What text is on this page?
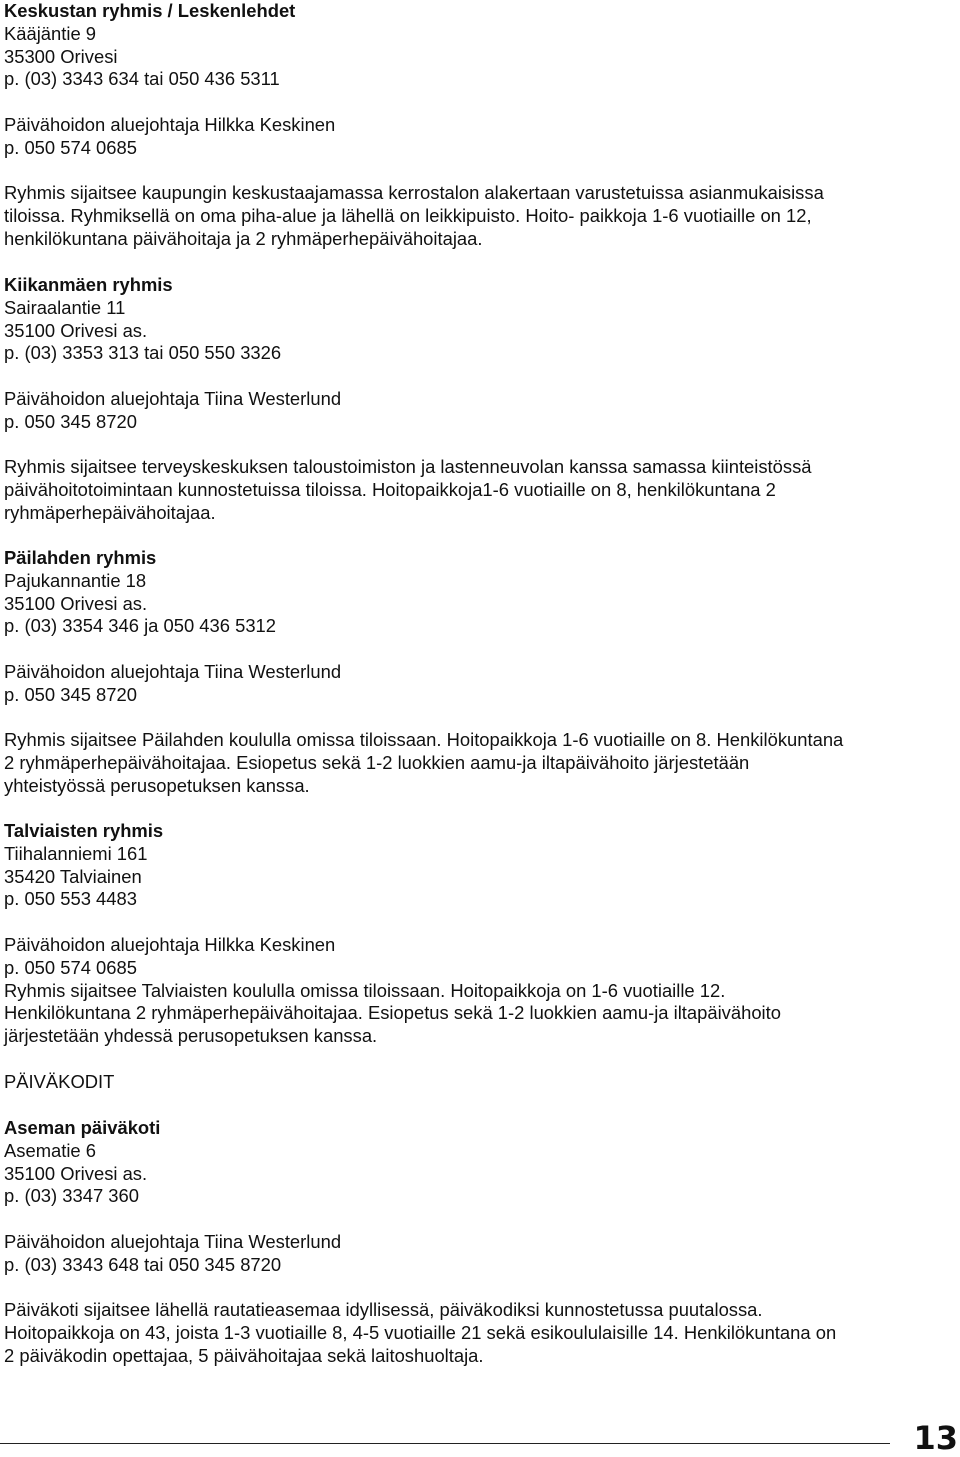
Keskustan ryhmis / Leskenlehdet

Kääjäntie 9

35300 Orivesi

p. (03) 3343 634 tai 050 436 5311

Päivähoidon aluejohtaja Hilkka Keskinen

p. 050 574 0685

Ryhmis sijaitsee kaupungin keskustaajamassa kerrostalon alakertaan varustetuissa asianmukaisissa

tiloissa. Ryhmiksellä on oma piha-alue ja lähellä on leikkipuisto. Hoito- paikkoja 1-6 vuotiaille on 12,

henkilökuntana päivähoitaja ja 2 ryhmäperhepäivähoitajaa.

Kiikanmäen ryhmis

Sairaalantie 11

35100 Orivesi as.

p. (03) 3353 313 tai 050 550 3326

Päivähoidon aluejohtaja Tiina Westerlund

p. 050 345 8720

Ryhmis sijaitsee terveyskeskuksen taloustoimiston ja lastenneuvolan kanssa samassa kiinteistössä

päivähoitotoimintaan kunnostetuissa tiloissa. Hoitopaikkoja1-6 vuotiaille on 8, henkilökuntana 2

ryhmäperhepäivähoitajaa.

Päilahden ryhmis

Pajukannantie 18

35100 Orivesi as.

p. (03) 3354 346 ja 050 436 5312

Päivähoidon aluejohtaja Tiina Westerlund

p. 050 345 8720

Ryhmis sijaitsee Päilahden koululla omissa tiloissaan. Hoitopaikkoja 1-6 vuotiaille on 8. Henkilökuntana

2 ryhmäperhepäivähoitajaa. Esiopetus sekä 1-2 luokkien aamu-ja iltapäivähoito järjestetään

yhteistyössä perusopetuksen kanssa.

Talviaisten ryhmis

Tiihalanniemi 161

35420 Talviainen

p. 050 553 4483

Päivähoidon aluejohtaja Hilkka Keskinen

p. 050 574 0685

Ryhmis sijaitsee Talviaisten koululla omissa tiloissaan. Hoitopaikkoja on 1-6 vuotiaille 12.

Henkilökuntana 2 ryhmäperhepäivähoitajaa. Esiopetus sekä 1-2 luokkien aamu-ja iltapäivähoito

järjestetään yhdessä perusopetuksen kanssa.

PÄIVÄKODIT

Aseman päiväkoti

Asematie 6

35100 Orivesi as.

p. (03) 3347 360

Päivähoidon aluejohtaja Tiina Westerlund

p. (03) 3343 648 tai 050 345 8720

Päiväkoti sijaitsee lähellä rautatieasemaa idyllisessä, päiväkodiksi kunnostetussa puutalossa.

Hoitopaikkoja on 43, joista 1-3 vuotiaille 8, 4-5 vuotiaille 21 sekä esikoululaisille 14. Henkilökuntana on

2 päiväkodin opettajaa, 5 päivähoitajaa sekä laitoshuoltaja.

13
